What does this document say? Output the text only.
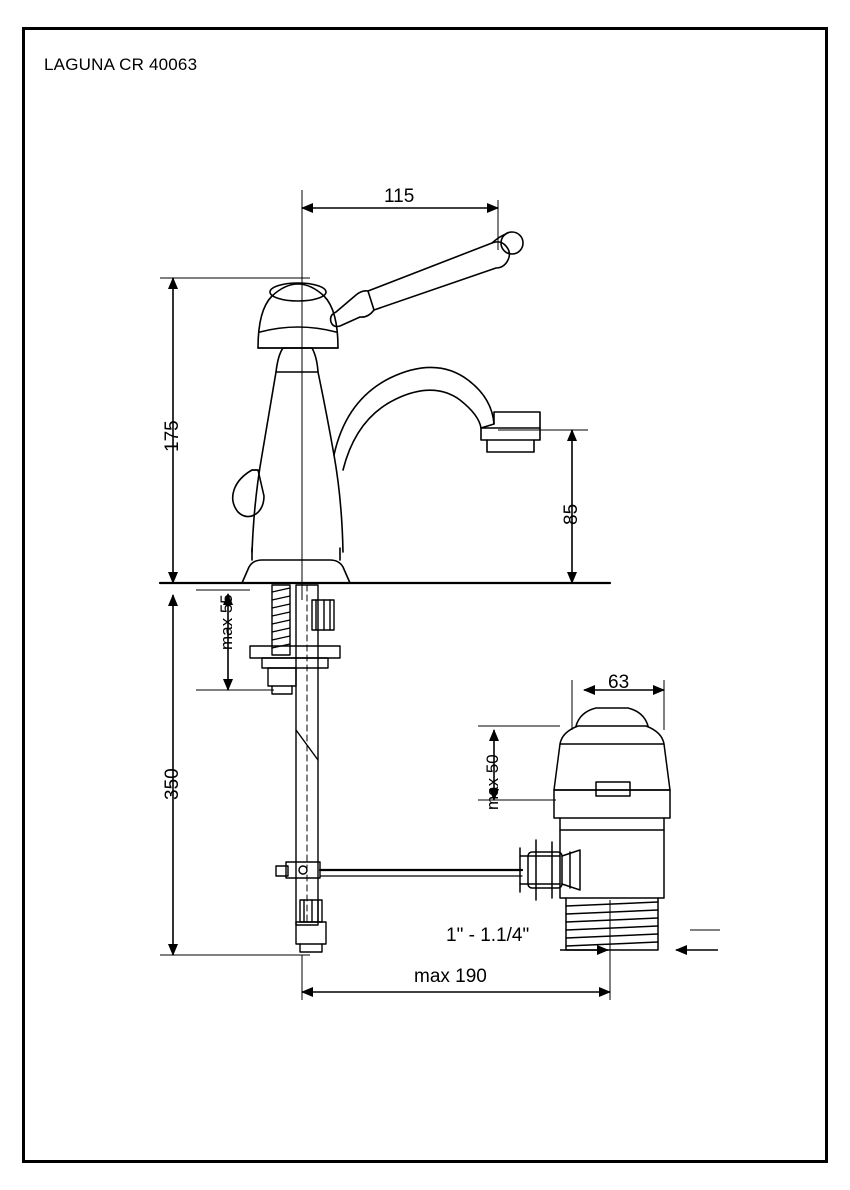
LAGUNA CR 40063
115
175
85
max 55
350
63
max 50
1" - 1.1/4"
max 190
